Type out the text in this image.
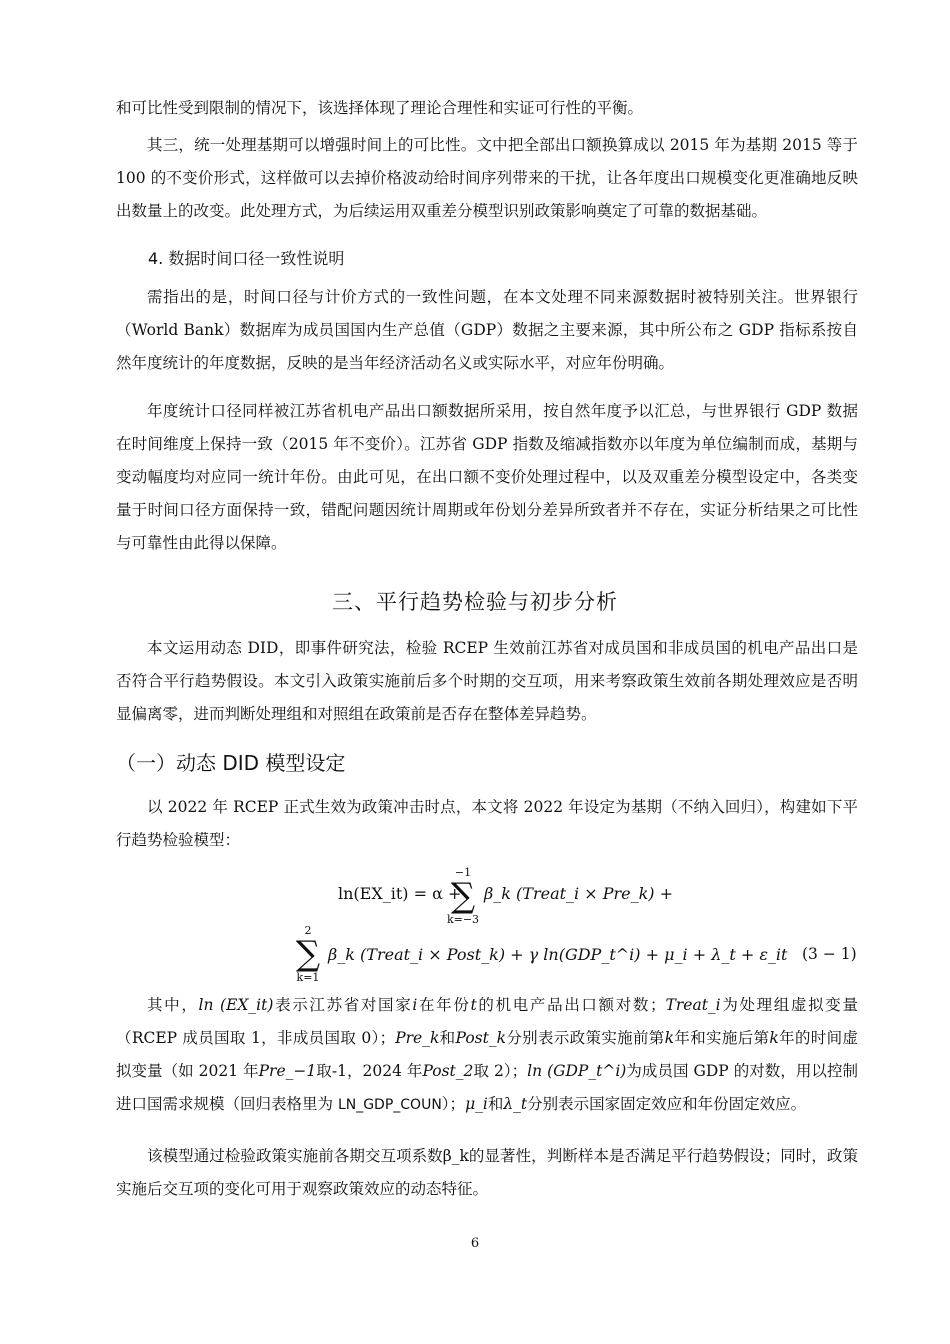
和可比性受到限制的情况下，该选择体现了理论合理性和实证可行性的平衡。
其三，统一处理基期可以增强时间上的可比性。文中把全部出口额换算成以 2015 年为基期 2015 等于 100 的不变价形式，这样做可以去掉价格波动给时间序列带来的干扰，让各年度出口规模变化更准确地反映出数量上的改变。此处理方式，为后续运用双重差分模型识别政策影响奠定了可靠的数据基础。
4. 数据时间口径一致性说明
需指出的是，时间口径与计价方式的一致性问题，在本文处理不同来源数据时被特别关注。世界银行（World Bank）数据库为成员国国内生产总值（GDP）数据之主要来源，其中所公布之 GDP 指标系按自然年度统计的年度数据，反映的是当年经济活动名义或实际水平，对应年份明确。
年度统计口径同样被江苏省机电产品出口额数据所采用，按自然年度予以汇总，与世界银行 GDP 数据在时间维度上保持一致（2015 年不变价）。江苏省 GDP 指数及缩减指数亦以年度为单位编制而成，基期与变动幅度均对应同一统计年份。由此可见，在出口额不变价处理过程中，以及双重差分模型设定中，各类变量于时间口径方面保持一致，错配问题因统计周期或年份划分差异所致者并不存在，实证分析结果之可比性与可靠性由此得以保障。
三、平行趋势检验与初步分析
本文运用动态 DID，即事件研究法，检验 RCEP 生效前江苏省对成员国和非成员国的机电产品出口是否符合平行趋势假设。本文引入政策实施前后多个时期的交互项，用来考察政策生效前各期处理效应是否明显偏离零，进而判断处理组和对照组在政策前是否存在整体差异趋势。
（一）动态 DID 模型设定
以 2022 年 RCEP 正式生效为政策冲击时点，本文将 2022 年设定为基期（不纳入回归），构建如下平行趋势检验模型：
ln(EX_it) = α +
−1
∑
k=−3
β_k (Treat_i × Pre_k) +
2
∑
k=1
β_k (Treat_i × Post_k) + γ ln(GDP_t^i) + μ_i + λ_t + ε_it (3 − 1)
其中，ln (EX_it)表示江苏省对国家i在年份t的机电产品出口额对数；Treat_i为处理组虚拟变量（RCEP 成员国取 1，非成员国取 0）；Pre_k和Post_k分别表示政策实施前第k年和实施后第k年的时间虚拟变量（如 2021 年Pre_−1取-1，2024 年Post_2取 2）；ln (GDP_t^i)为成员国 GDP 的对数，用以控制进口国需求规模（回归表格里为 LN_GDP_COUN）；μ_i和λ_t分别表示国家固定效应和年份固定效应。
该模型通过检验政策实施前各期交互项系数β_k的显著性，判断样本是否满足平行趋势假设；同时，政策实施后交互项的变化可用于观察政策效应的动态特征。
6
